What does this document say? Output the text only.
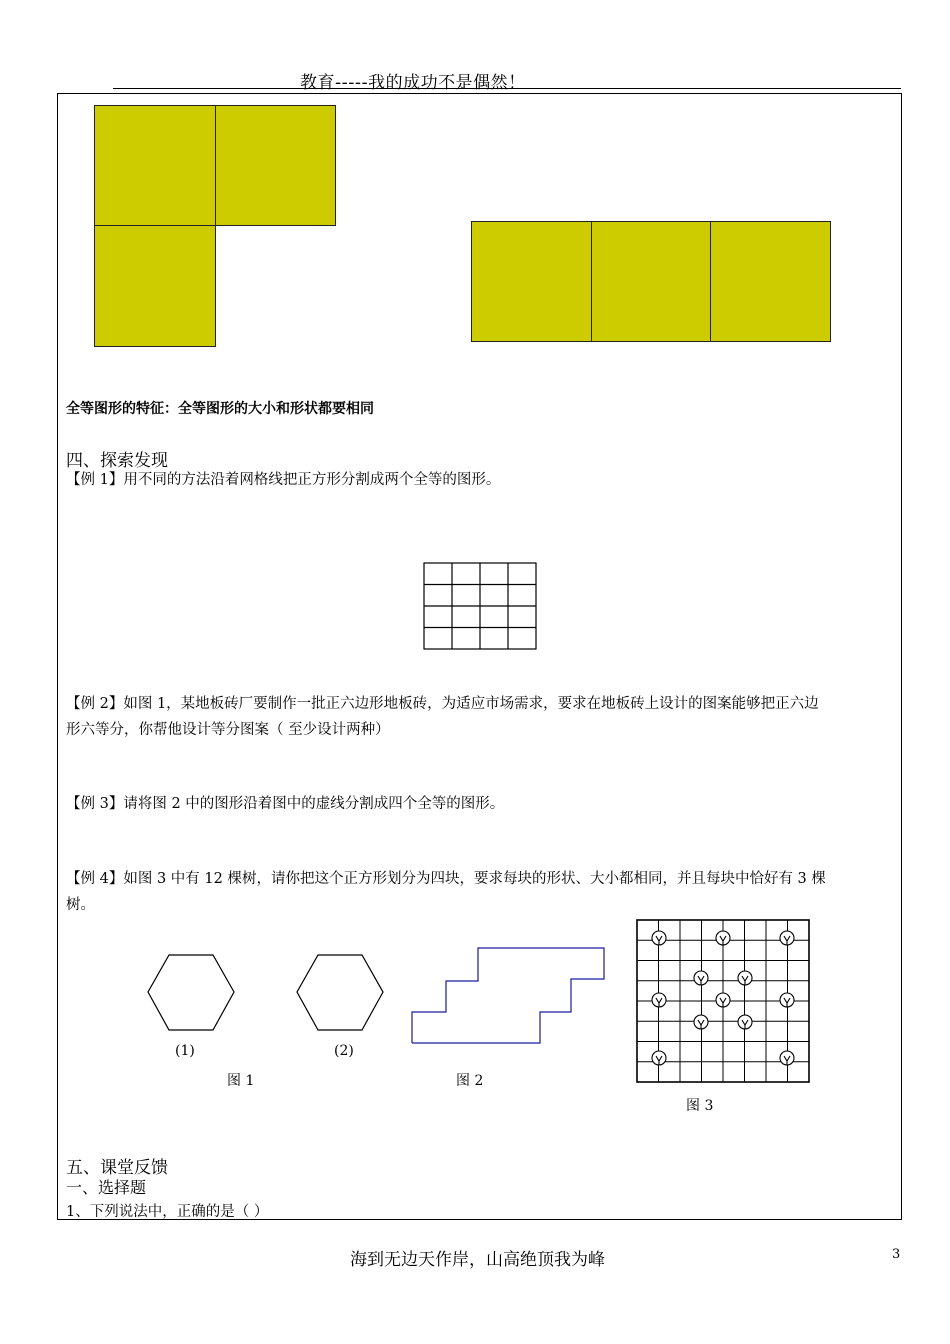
教育-----我的成功不是偶然！
全等图形的特征：全等图形的大小和形状都要相同
四、探索发现
【例 1】用不同的方法沿着网格线把正方形分割成两个全等的图形。
【例 2】如图 1，某地板砖厂要制作一批正六边形地板砖，为适应市场需求，要求在地板砖上设计的图案能够把正六边
形六等分，你帮他设计等分图案（ 至少设计两种）
【例 3】请将图 2 中的图形沿着图中的虚线分割成四个全等的图形。
【例 4】如图 3 中有 12 棵树，请你把这个正方形划分为四块，要求每块的形状、大小都相同，并且每块中恰好有 3 棵
树。
(1)	(2)
图 1	图 2
图 3
五、课堂反馈
一、选择题
1、下列说法中，正确的是（ ）
海到无边天作岸，山高绝顶我为峰	3
